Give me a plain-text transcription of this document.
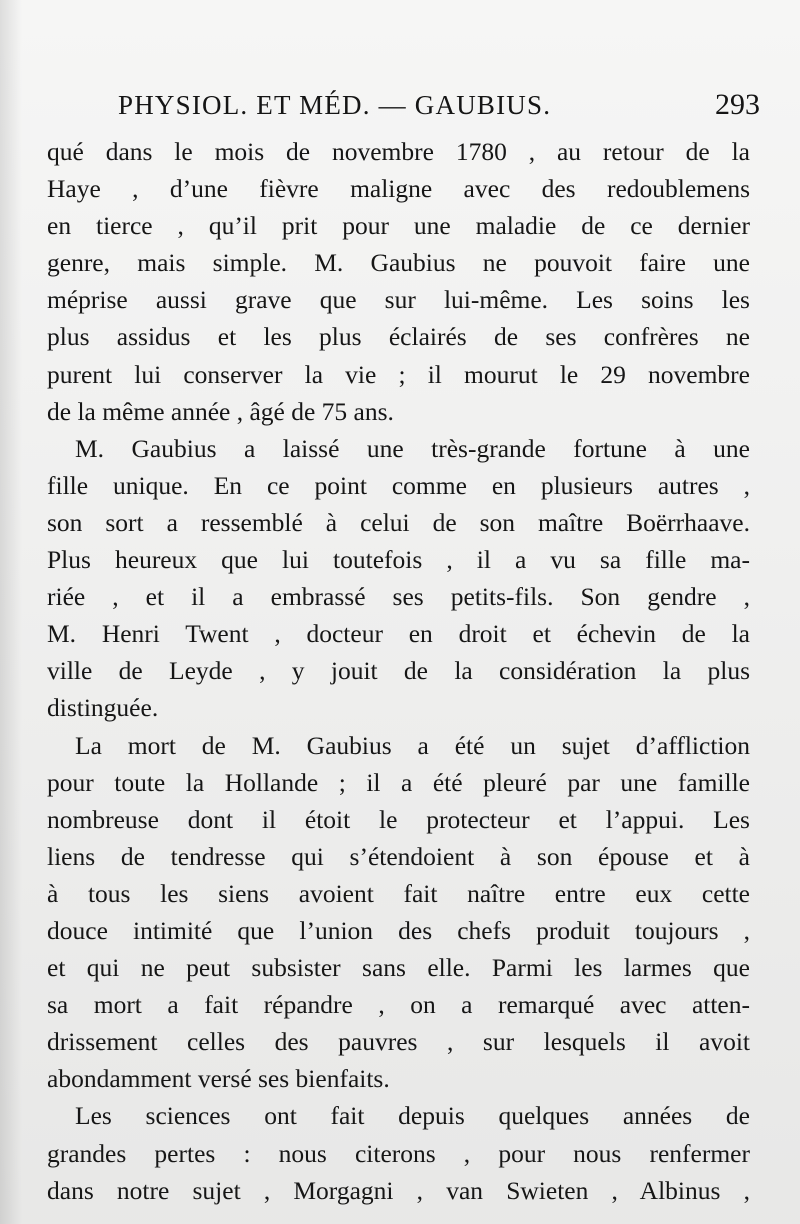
PHYSIOL. ET MÉD. — GAUBIUS.	293
qué dans le mois de novembre 1780 , au retour de la
Haye , d’une fièvre maligne avec des redoublemens
en tierce , qu’il prit pour une maladie de ce dernier
genre, mais simple. M. Gaubius ne pouvoit faire une
méprise aussi grave que sur lui-même. Les soins les
plus assidus et les plus éclairés de ses confrères ne
purent lui conserver la vie ; il mourut le 29 novembre
de la même année , âgé de 75 ans.
M. Gaubius a laissé une très-grande fortune à une
fille unique. En ce point comme en plusieurs autres ,
son sort a ressemblé à celui de son maître Boërrhaave.
Plus heureux que lui toutefois , il a vu sa fille ma-
riée , et il a embrassé ses petits-fils. Son gendre ,
M. Henri Twent , docteur en droit et échevin de la
ville de Leyde , y jouit de la considération la plus
distinguée.
La mort de M. Gaubius a été un sujet d’affliction
pour toute la Hollande ; il a été pleuré par une famille
nombreuse dont il étoit le protecteur et l’appui. Les
liens de tendresse qui s’étendoient à son épouse et à
à tous les siens avoient fait naître entre eux cette
douce intimité que l’union des chefs produit toujours ,
et qui ne peut subsister sans elle. Parmi les larmes que
sa mort a fait répandre , on a remarqué avec atten-
drissement celles des pauvres , sur lesquels il avoit
abondamment versé ses bienfaits.
Les sciences ont fait depuis quelques années de
grandes pertes : nous citerons , pour nous renfermer
dans notre sujet , Morgagni , van Swieten , Albinus ,
